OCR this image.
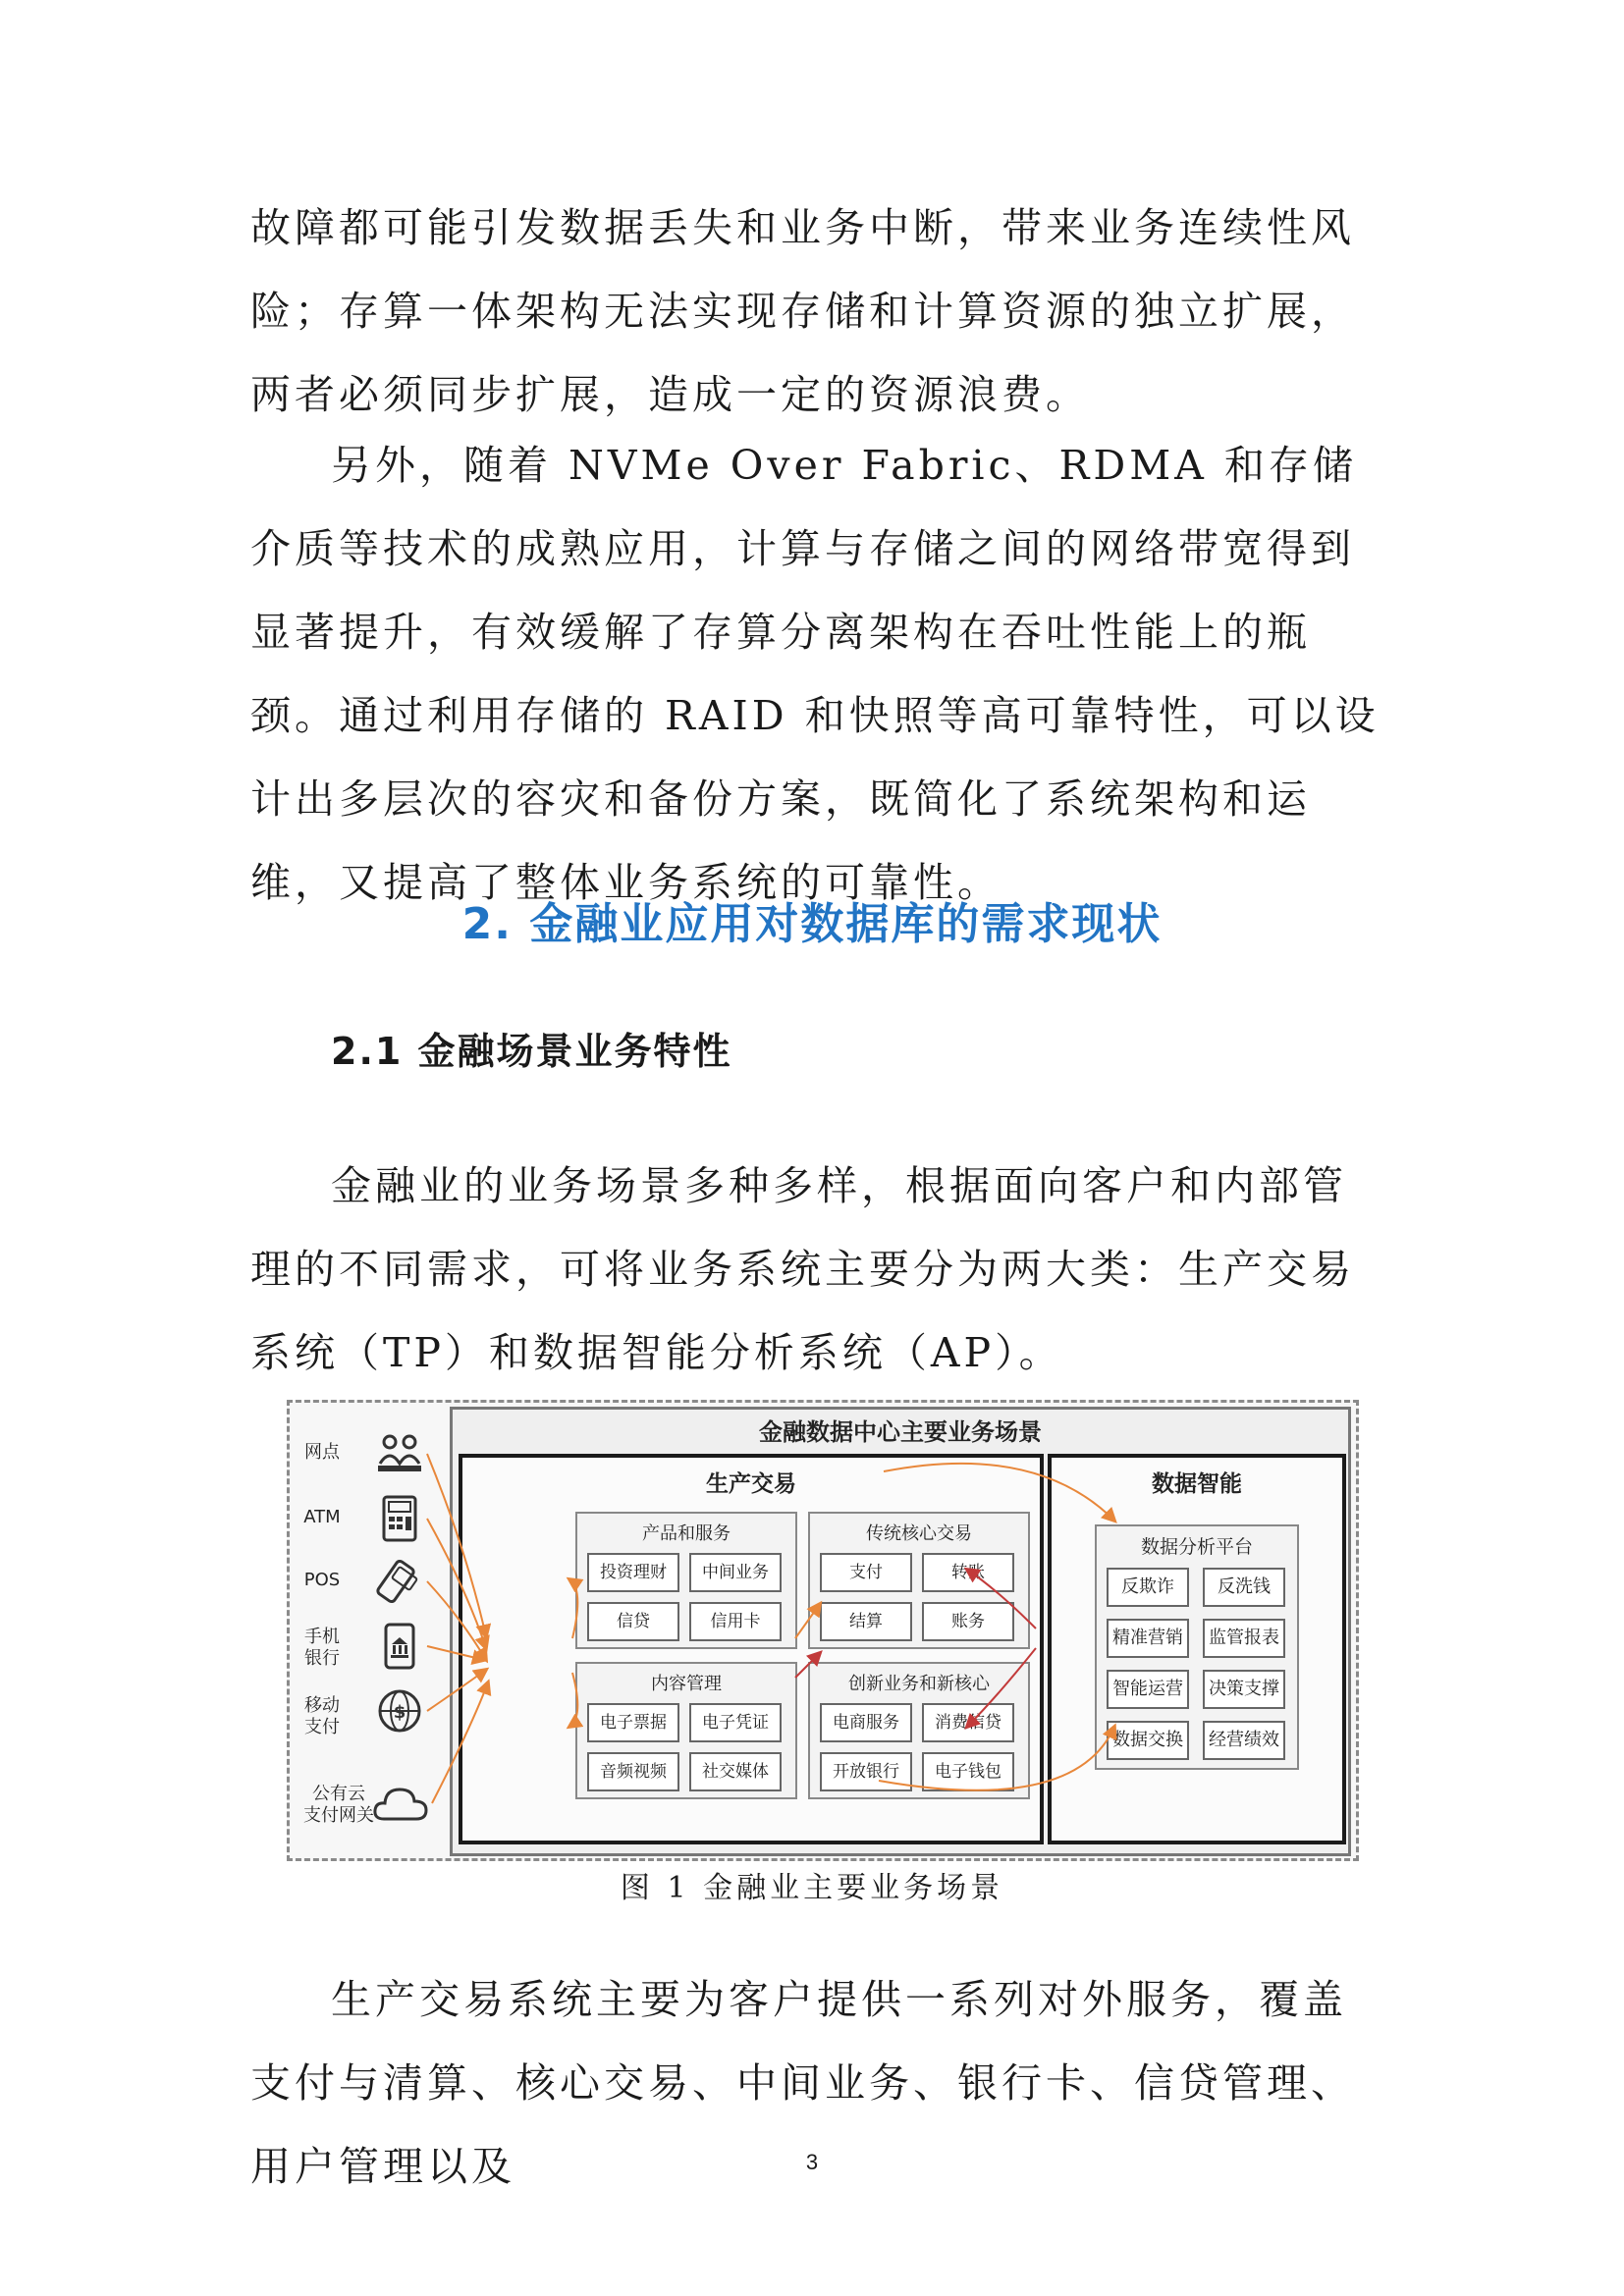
故障都可能引发数据丢失和业务中断，带来业务连续性风险；存算一体架构无法实现存储和计算资源的独立扩展，两者必须同步扩展，造成一定的资源浪费。

另外，随着 NVMe Over Fabric、RDMA 和存储介质等技术的成熟应用，计算与存储之间的网络带宽得到显著提升，有效缓解了存算分离架构在吞吐性能上的瓶颈。通过利用存储的 RAID 和快照等高可靠特性，可以设计出多层次的容灾和备份方案，既简化了系统架构和运维，又提高了整体业务系统的可靠性。

2. 金融业应用对数据库的需求现状
2.1 金融场景业务特性

金融业的业务场景多种多样，根据面向客户和内部管理的不同需求，可将业务系统主要分为两大类：生产交易系统（TP）和数据智能分析系统（AP）。

金融数据中心主要业务场景
网点
ATM
POS
手机
银行
移动
支付
公有云
支付网关
$
生产交易
产品和服务
投资理财	中间业务
信贷	信用卡
传统核心交易
支付	转账
结算	账务
内容管理
电子票据	电子凭证
音频视频	社交媒体
创新业务和新核心
电商服务	消费信贷
开放银行	电子钱包
数据智能
数据分析平台
反欺诈	反洗钱
精准营销	监管报表
智能运营	决策支撑
数据交换	经营绩效

图 1 金融业主要业务场景

生产交易系统主要为客户提供一系列对外服务，覆盖支付与清算、核心交易、中间业务、银行卡、信贷管理、用户管理以及	3
